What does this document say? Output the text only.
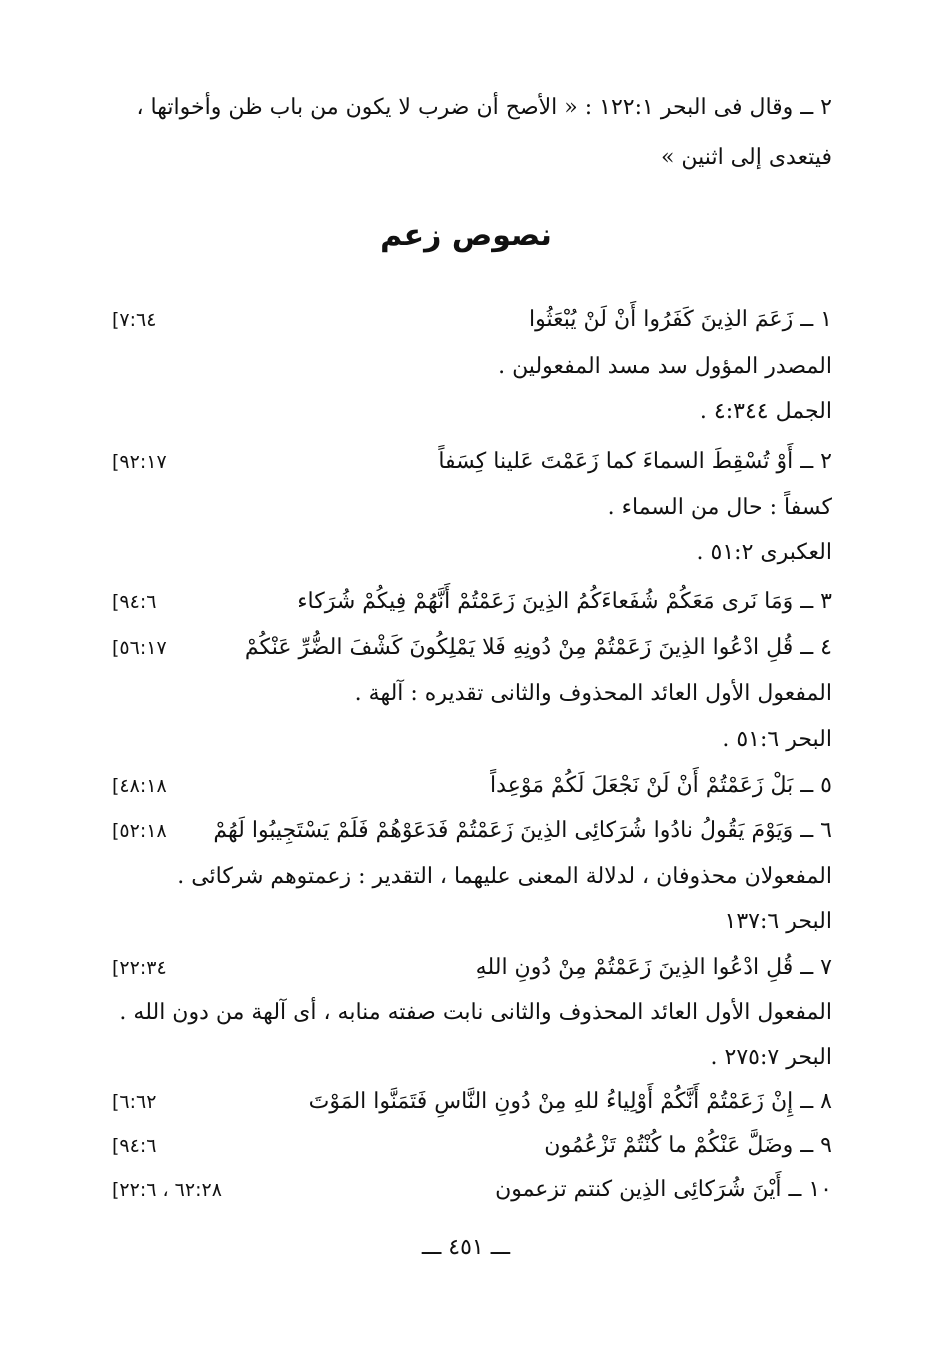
٢ ــ وقال فى البحر ١٢٢:١ : « الأصح أن ضرب لا يكون من باب ظن وأخواتها ،
فيتعدى إلى اثنين »
نصوص زعم
١ ــ زَعَمَ الذِينَ كَفَرُوا أَنْ لَنْ يُبْعَثُوا
[٧:٦٤
المصدر المؤول سد مسد المفعولين .
الجمل ٤:٣٤٤ .
٢ ــ أَوْ تُسْقِطَ السماءَ كما زَعَمْتَ عَلينا كِسَفاً
[٩٢:١٧
كسفاً : حال من السماء .
العكبرى ٥١:٢ .
٣ ــ وَمَا نَرى مَعَكُمْ شُفَعاءَكُمُ الذِينَ زَعَمْتُمْ أَنَّهُمْ فِيكُمْ شُرَكاء
[٩٤:٦
٤ ــ قُلِ ادْعُوا الذِينَ زَعَمْتُمْ مِنْ دُونِهِ فَلا يَمْلِكُونَ كَشْفَ الضُّرِّ عَنْكُمْ
[٥٦:١٧
المفعول الأول العائد المحذوف والثانى تقديره : آلهة .
البحر ٥١:٦ .
٥ ــ بَلْ زَعَمْتُمْ أَنْ لَنْ نَجْعَلَ لَكُمْ مَوْعِداً
[٤٨:١٨
٦ ــ وَيَوْمَ يَقُولُ نادُوا شُرَكائِى الذِينَ زَعَمْتُمْ فَدَعَوْهُمْ فَلَمْ يَسْتَجِيبُوا لَهُمْ
[٥٢:١٨
المفعولان محذوفان ، لدلالة المعنى عليهما ، التقدير : زعمتوهم شركائى .
البحر ١٣٧:٦
٧ ــ قُلِ ادْعُوا الذِينَ زَعَمْتُمْ مِنْ دُونِ اللهِ
[٢٢:٣٤
المفعول الأول العائد المحذوف والثانى نابت صفته منابه ، أى آلهة من دون الله .
البحر ٢٧٥:٧ .
٨ ــ إِنْ زَعَمْتُمْ أَنَّكُمْ أَوْلِياءُ للهِ مِنْ دُونِ النَّاسِ فَتَمَنَّوا المَوْتَ
[٦:٦٢
٩ ــ وضَلَّ عَنْكُمْ ما كُنْتُمْ تَزْعُمُون
[٩٤:٦
١٠ ــ أَيْنَ شُرَكائِى الذِين كنتم تزعمون
[٦٢:٢٨ ، ٢٢:٦
ـــ ٤٥١ ـــ
